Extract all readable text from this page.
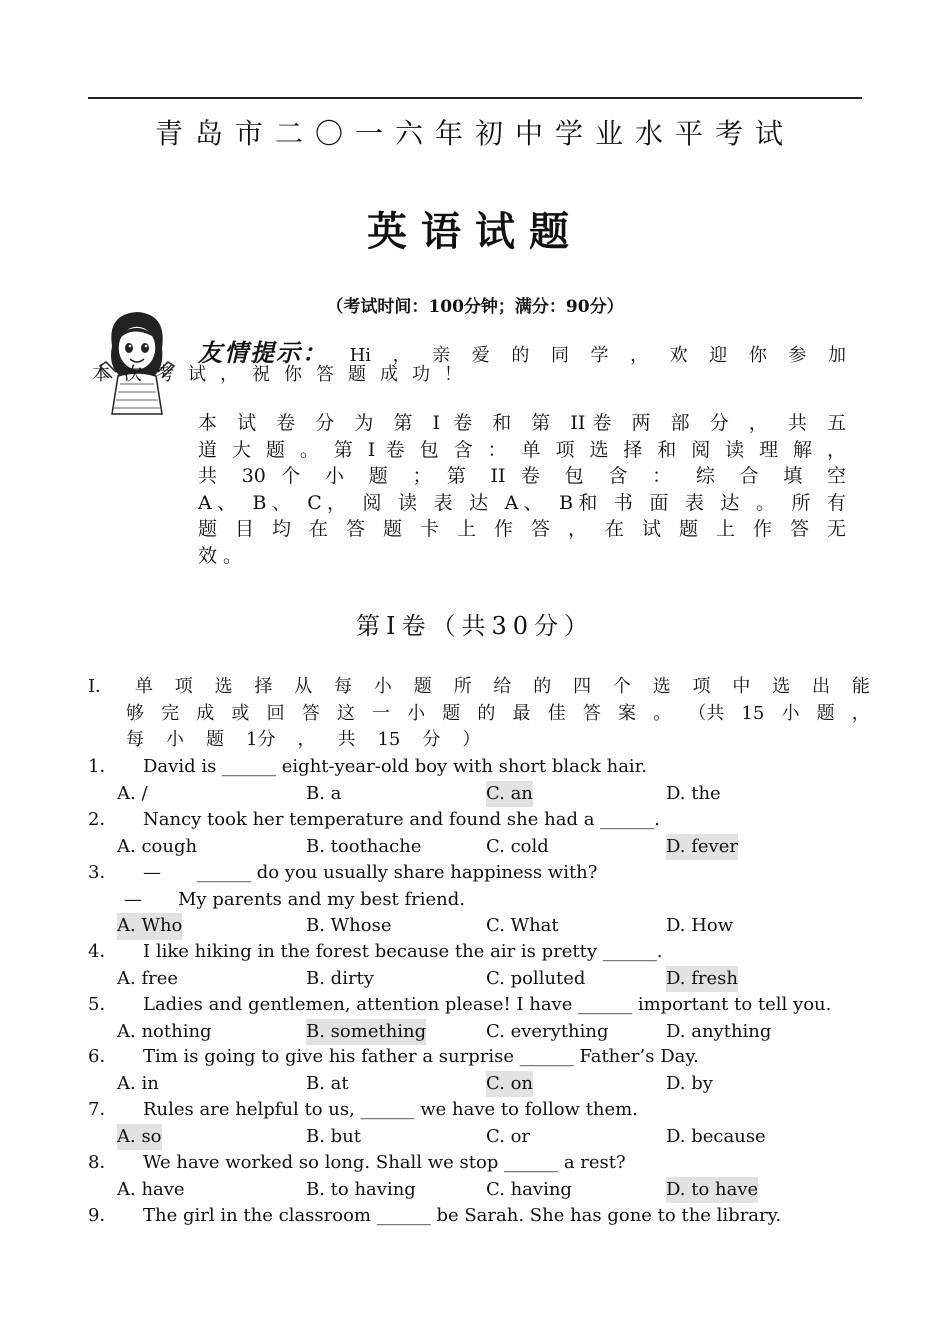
青岛市二〇一六年初中学业水平考试
英语试题
（考试时间：100分钟；满分：90分）
友情提示： Hi ， 亲 爱 的 同 学 ， 欢 迎 你 参 加
本次考试，祝你答题成功！
本 试 卷 分 为 第 I 卷 和 第 II卷 两 部 分 ， 共 五
道 大 题 。 第 I 卷 包 含 ： 单 项 选 择 和 阅 读 理 解 ，
共 30 个 小 题 ； 第 II 卷 包 含 ： 综 合 填 空
A、 B、 C， 阅 读 表 达 A、 B和 书 面 表 达 。 所 有
题 目 均 在 答 题 卡 上 作 答 ， 在 试 题 上 作 答 无
效 。
第I卷（共30分）
I． 单 项 选 择 从 每 小 题 所 给 的 四 个 选 项 中 选 出 能
够 完 成 或 回 答 这 一 小 题 的 最 佳 答 案 。 （共 15 小 题 ，
每 小 题 1分 ， 共 15 分 ）
1． David is ______ eight-year-old boy with short black hair.
A. /	B. a	C. an	D. the
2． Nancy took her temperature and found she had a ______.
A. cough	B. toothache	C. cold	D. fever
3． —　　______ do you usually share happiness with?
—　　My parents and my best friend.
A. Who	B. Whose	C. What	D. How
4． I like hiking in the forest because the air is pretty ______.
A. free	B. dirty	C. polluted	D. fresh
5． Ladies and gentlemen, attention please! I have ______ important to tell you.
A. nothing	B. something	C. everything	D. anything
6． Tim is going to give his father a surprise ______ Father’s Day.
A. in	B. at	C. on	D. by
7． Rules are helpful to us, ______ we have to follow them.
A. so	B. but	C. or	D. because
8． We have worked so long. Shall we stop ______ a rest?
A. have	B. to having	C. having	D. to have
9． The girl in the classroom ______ be Sarah. She has gone to the library.
